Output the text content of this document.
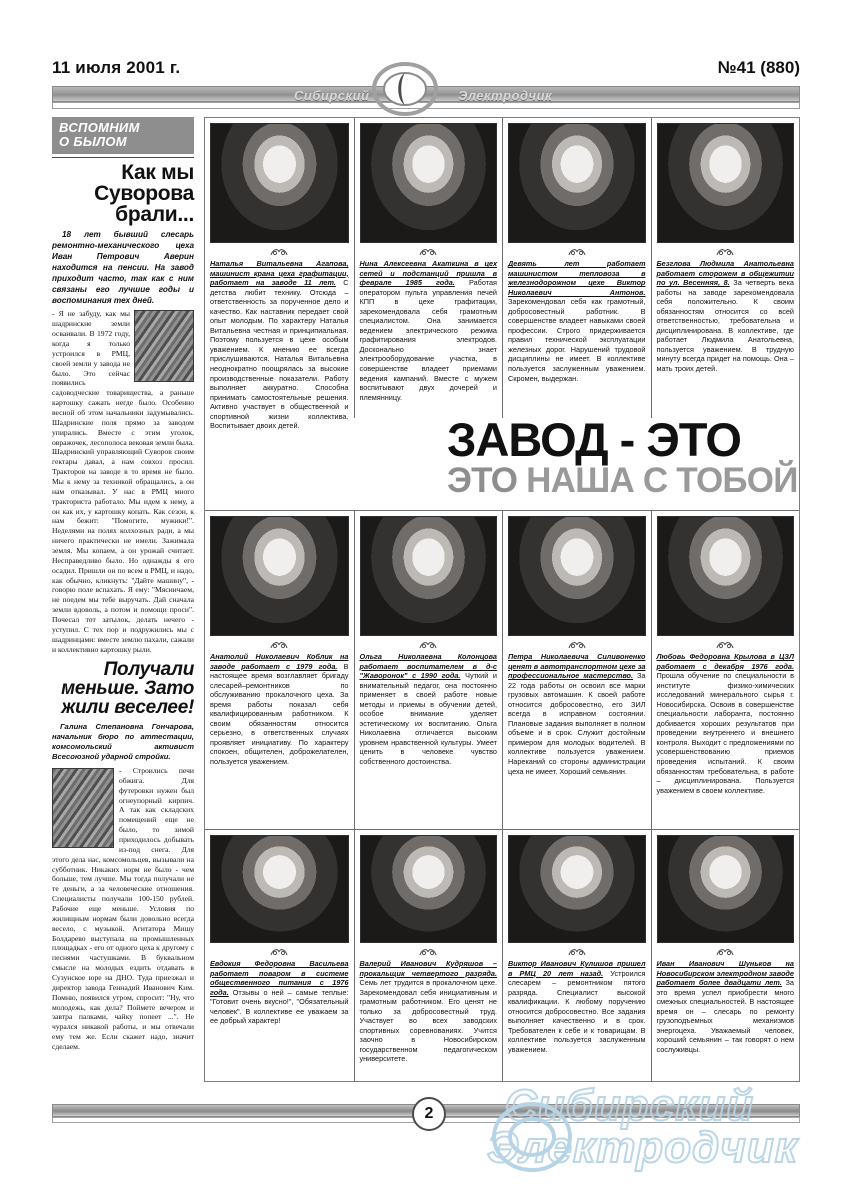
11 июля 2001 г.	№41 (880)
Сибирский	Электродчик
ВСПОМНИМ
О БЫЛОМ
Как мы Суворова брали...
18 лет бывший слесарь ремонтно-механического цеха Иван Петрович Аверин находится на пенсии. На завод приходит часто, так как с ним связаны его лучшие годы и воспоминания тех дней.
- Я не забуду, как мы шадринские земли осваивали. В 1972 году, когда я только устроился в РМЦ, своей земли у завода не было. Это сейчас появились садоводческие товарищества, а раньше картошку сажать негде было. Особенно весной об этом начальники задумывались. Шадринские поля прямо за заводом упирались. Вместе с этим уголок, овражочек, лесополоса вековая земли была. Шадринский управляющий Суворов своим гектары давал, а нам совхоз просил. Тракторов на заводе в то время не было. Мы к нему за техникой обращались, а он нам отказывал. У нас в РМЦ много тракториста работало. Мы идем к нему, а он как их, у картошку копать. Как сезон, к нам бежит: "Помогите, мужики!". Неделями на полях колхозных ради, а мы ничего практически не имели. Зажимала земля. Мы копаем, а он урожай считает. Несправедливо было. Но однажды я его осадил. Пришли он по всем в РМЦ, и надо, как обычно, кликнуть: "Дайте машину", - говорю поле вспахать. Я ему: "Мясничаем, не поедем мы тебе выручать. Дай сначала земли вдоволь, а потом и помощи проси". Почесал тот затылок, делать нечего - уступил. С тех пор и подружились мы с шадринцами: вместе землю пахали, сажали и коллективно картошку рыли.
Получали меньше. Зато жили веселее!
Галина Степановна Гончарова, начальник бюро по аттестации, комсомольский активист Всесоюзной ударной стройки.
- Строились печи обжига. Для футеровки нужен был огнеупорный кирпич. А так как складских помещений еще не было, то зимой приходилось добывать из-под снега. Для этого дела нас, комсомольцев, вызывали на субботник. Никаких норм не было - чем больше, тем лучше. Мы тогда получали не те деньги, а за человеческие отношения. Специалисты получали 100-150 рублей. Рабочие еще меньше. Условия по жилищным нормам были довольно всегда весело, с музыкой. Агитатора Мишу Болдарево выступала на промышленных площадках - его от одного цеха к другому с песнями частушками. В буквальном смысле на молодых ездить отдавать в Сузунское юре на ДНО. Туда приезжал и директор завода Геннадий Иванович Ким. Помню, появился утром, спросит: "Ну, что молодежь, как дела? Поймете вечером и завтра палками, чайку попеет ...". Не чурался никакой работы, и мы отвечали ему тем же. Если скажет надо, значит сделаем.
Наталья Витальевна Агапова, машинист крана цеха графитации, работает на заводе 11 лет. С детства любит технику. Отсюда – ответственность за порученное дело и качество. Как наставник передает свой опыт молодым. По характеру Наталья Витальевна честная и принципиальная. Поэтому пользуется в цехе особым уважением. К мнению ее всегда прислушиваются. Наталья Витальевна неоднократно поощрялась за высокие производственные показатели. Работу выполняет аккуратно. Способна принимать самостоятельные решения. Активно участвует в общественной и спортивной жизни коллектива. Воспитывает двоих детей.
Нина Алексеевна Акаткина в цех сетей и подстанций пришла в феврале 1985 года. Работая оператором пульта управления печей КПП в цехе графитации, зарекомендовала себя грамотным специалистом. Она занимается ведением электрического режима графитирования электродов. Досконально знает электрооборудование участка, в совершенстве владеет приемами ведения кампаний. Вместе с мужем воспитывают двух дочерей и племянницу.
Девять лет работает машинистом тепловоза в железнодорожном цехе Виктор Николаевич Антонов. Зарекомендовал себя как грамотный, добросовестный работник. В совершенстве владеет навыками своей профессии. Строго придерживается правил технической эксплуатации железных дорог. Нарушений трудовой дисциплины не имеет. В коллективе пользуется заслуженным уважением. Скромен, выдержан.
Безглова Людмила Анатольевна работает сторожем в общежитии по ул. Весенняя, 8. За четверть века работы на заводе зарекомендовала себя положительно. К своим обязанностям относится со всей ответственностью, требовательна и дисциплинирована. В коллективе, где работает Людмила Анатольевна, пользуется уважением. В трудную минуту всегда придет на помощь. Она – мать троих детей.
ЗАВОД - ЭТО
ЭТО НАША С ТОБОЙ
Анатолий Николаевич Коблик на заводе работает с 1979 года. В настоящее время возглавляет бригаду слесарей–ремонтников по обслуживанию прокалочного цеха. За время работы показал себя квалифицированным работником. К своим обязанностям относится серьезно, в ответственных случаях проявляет инициативу. По характеру спокоен, общителен, доброжелателен, пользуется уважением.
Ольга Николаевна Колонцова работает воспитателем в д-с "Жаворонок" с 1990 года. Чуткий и внимательный педагог, она постоянно применяет в своей работе новые методы и приемы в обучении детей, особое внимание уделяет эстетическому их воспитанию. Ольга Николаевна отличается высоким уровнем нравственной культуры. Умеет ценить в человеке чувство собственного достоинства.
Петра Николаевича Силивоненко ценят в автотранспортном цехе за профессиональное мастерство. За 22 года работы он освоил все марки грузовых автомашин. К своей работе относится добросовестно, его ЗИЛ всегда в исправном состоянии. Плановые задания выполняет в полном объеме и в срок. Служит достойным примером для молодых водителей. В коллективе пользуется уважением. Нареканий со стороны администрации цеха не имеет. Хороший семьянин.
Любовь Федоровна Крылова в ЦЗЛ работает с декабря 1976 года. Прошла обучение по специальности в институте физико-химических исследований минерального сырья г. Новосибирска. Освоив в совершенстве специальности лаборанта, постоянно добивается хороших результатов при проведении внутреннего и внешнего контроля. Выходит с предложениями по усовершенствованию приемов проведения испытаний. К своим обязанностям требовательна, в работе – дисциплинирована. Пользуется уважением в своем коллективе.
Евдокия Федоровна Васильева работает поваром в системе общественного питания с 1976 года. Отзывы о ней – самые теплые: "Готовит очень вкусно!", "Обязательный человек". В коллективе ее уважаем за ее добрый характер!
Валерий Иванович Кудряшов – прокальщик четвертого разряда. Семь лет трудится в прокалочном цехе. Зарекомендовал себя инициативным и грамотным работником. Его ценят не только за добросовестный труд. Участвует во всех заводских спортивных соревнованиях. Учится заочно в Новосибирском государственном педагогическом университете.
Виктор Иванович Кулишов пришел в РМЦ 20 лет назад. Устроился слесарем – ремонтником пятого разряда. Специалист высокой квалификации. К любому поручению относится добросовестно. Все задания выполняет качественно и в срок. Требователен к себе и к товарищам. В коллективе пользуется заслуженным уважением.
Иван Иванович Шуньков на Новосибирском электродном заводе работает более двадцати лет. За это время успел приобрести много смежных специальностей. В настоящее время он – слесарь по ремонту грузоподъемных механизмов энергоцеха. Уважаемый человек, хороший семьянин – так говорят о нем сослуживцы.
2
Электродчик
